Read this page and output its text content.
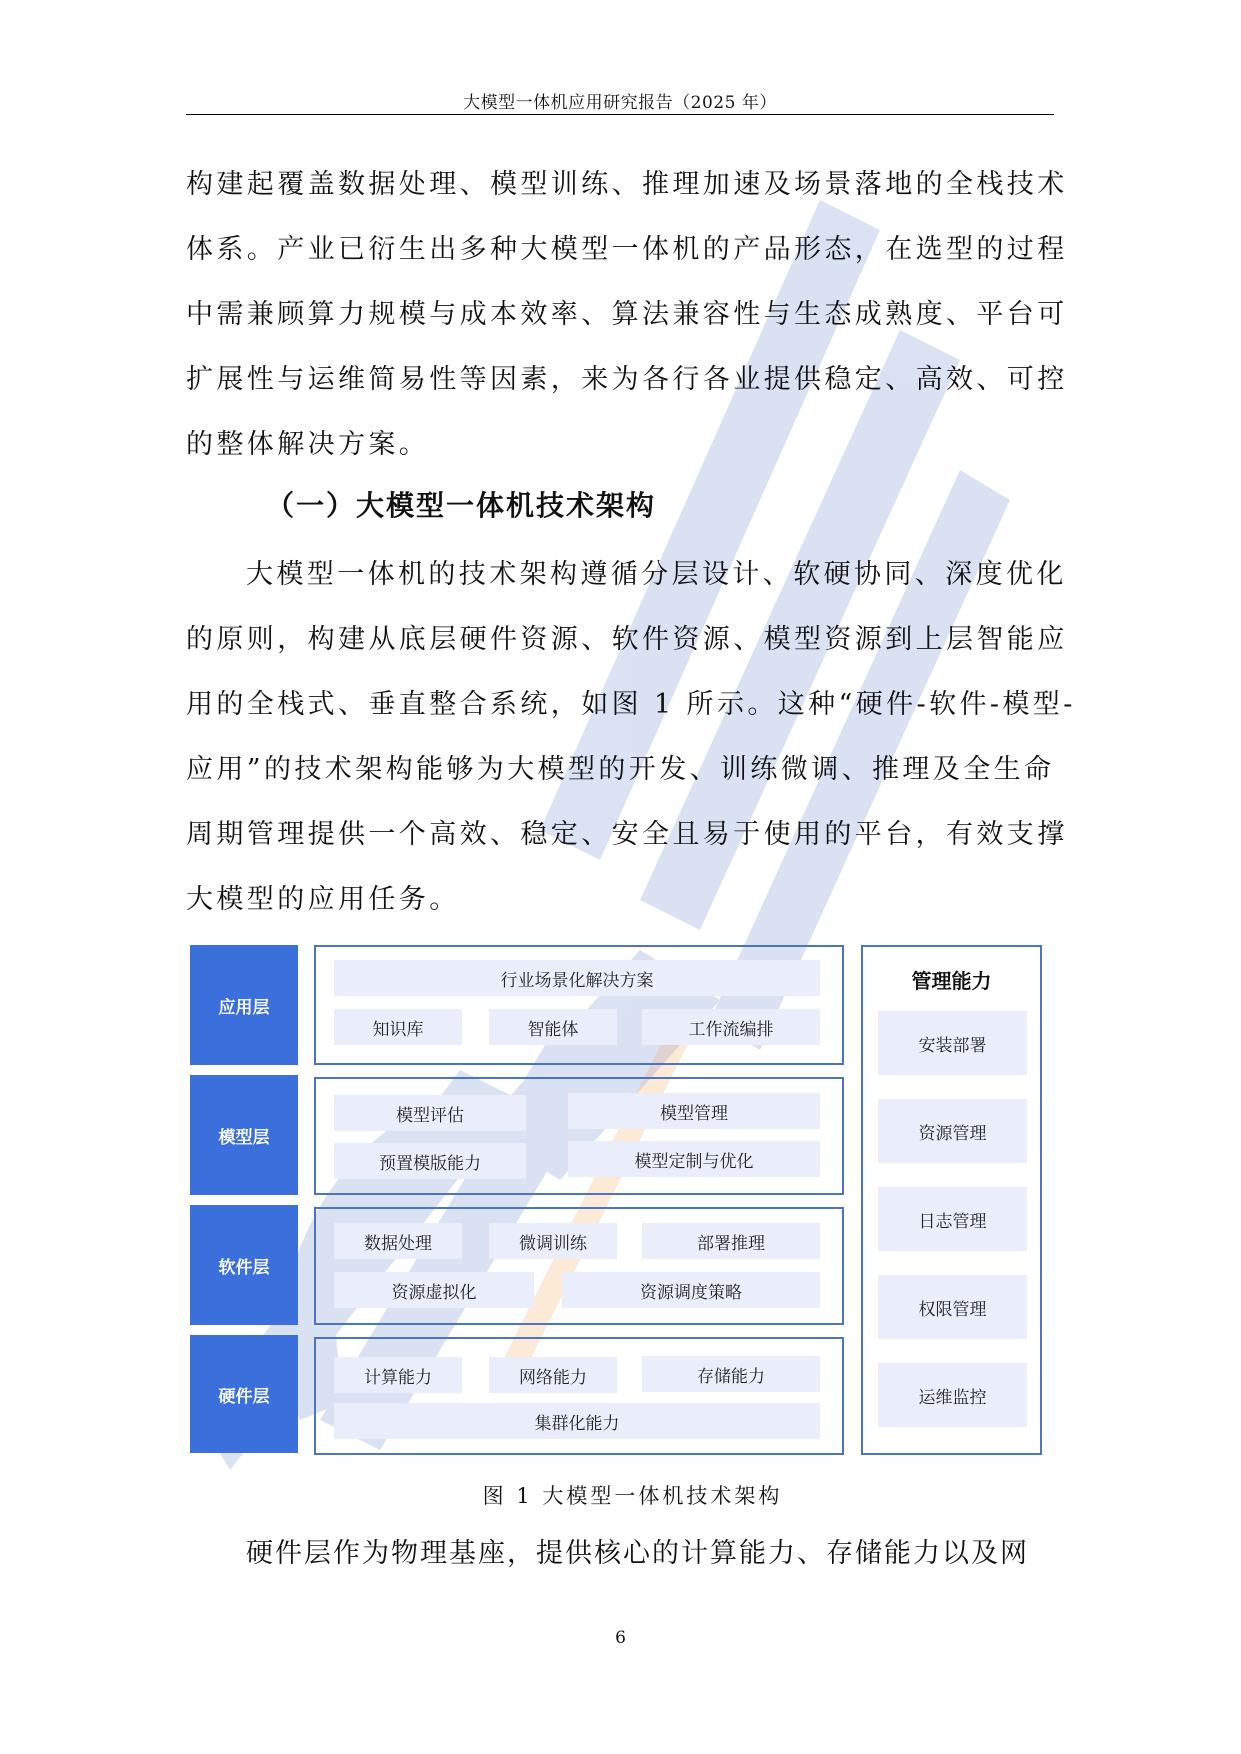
大模型一体机应用研究报告（2025 年）
构建起覆盖数据处理、模型训练、推理加速及场景落地的全栈技术
体系。产业已衍生出多种大模型一体机的产品形态，在选型的过程
中需兼顾算力规模与成本效率、算法兼容性与生态成熟度、平台可
扩展性与运维简易性等因素，来为各行各业提供稳定、高效、可控
的整体解决方案。
（一）大模型一体机技术架构
大模型一体机的技术架构遵循分层设计、软硬协同、深度优化
的原则，构建从底层硬件资源、软件资源、模型资源到上层智能应
用的全栈式、垂直整合系统，如图 1 所示。这种“硬件-软件-模型-
应用”的技术架构能够为大模型的开发、训练微调、推理及全生命
周期管理提供一个高效、稳定、安全且易于使用的平台，有效支撑
大模型的应用任务。
应用层
行业场景化解决方案
知识库	智能体	工作流编排
模型层
模型评估	模型管理
预置模版能力	模型定制与优化
软件层
数据处理	微调训练	部署推理
资源虚拟化	资源调度策略
硬件层
计算能力	网络能力	存储能力
集群化能力
管理能力
安装部署
资源管理
日志管理
权限管理
运维监控
图 1 大模型一体机技术架构
硬件层作为物理基座，提供核心的计算能力、存储能力以及网
6
